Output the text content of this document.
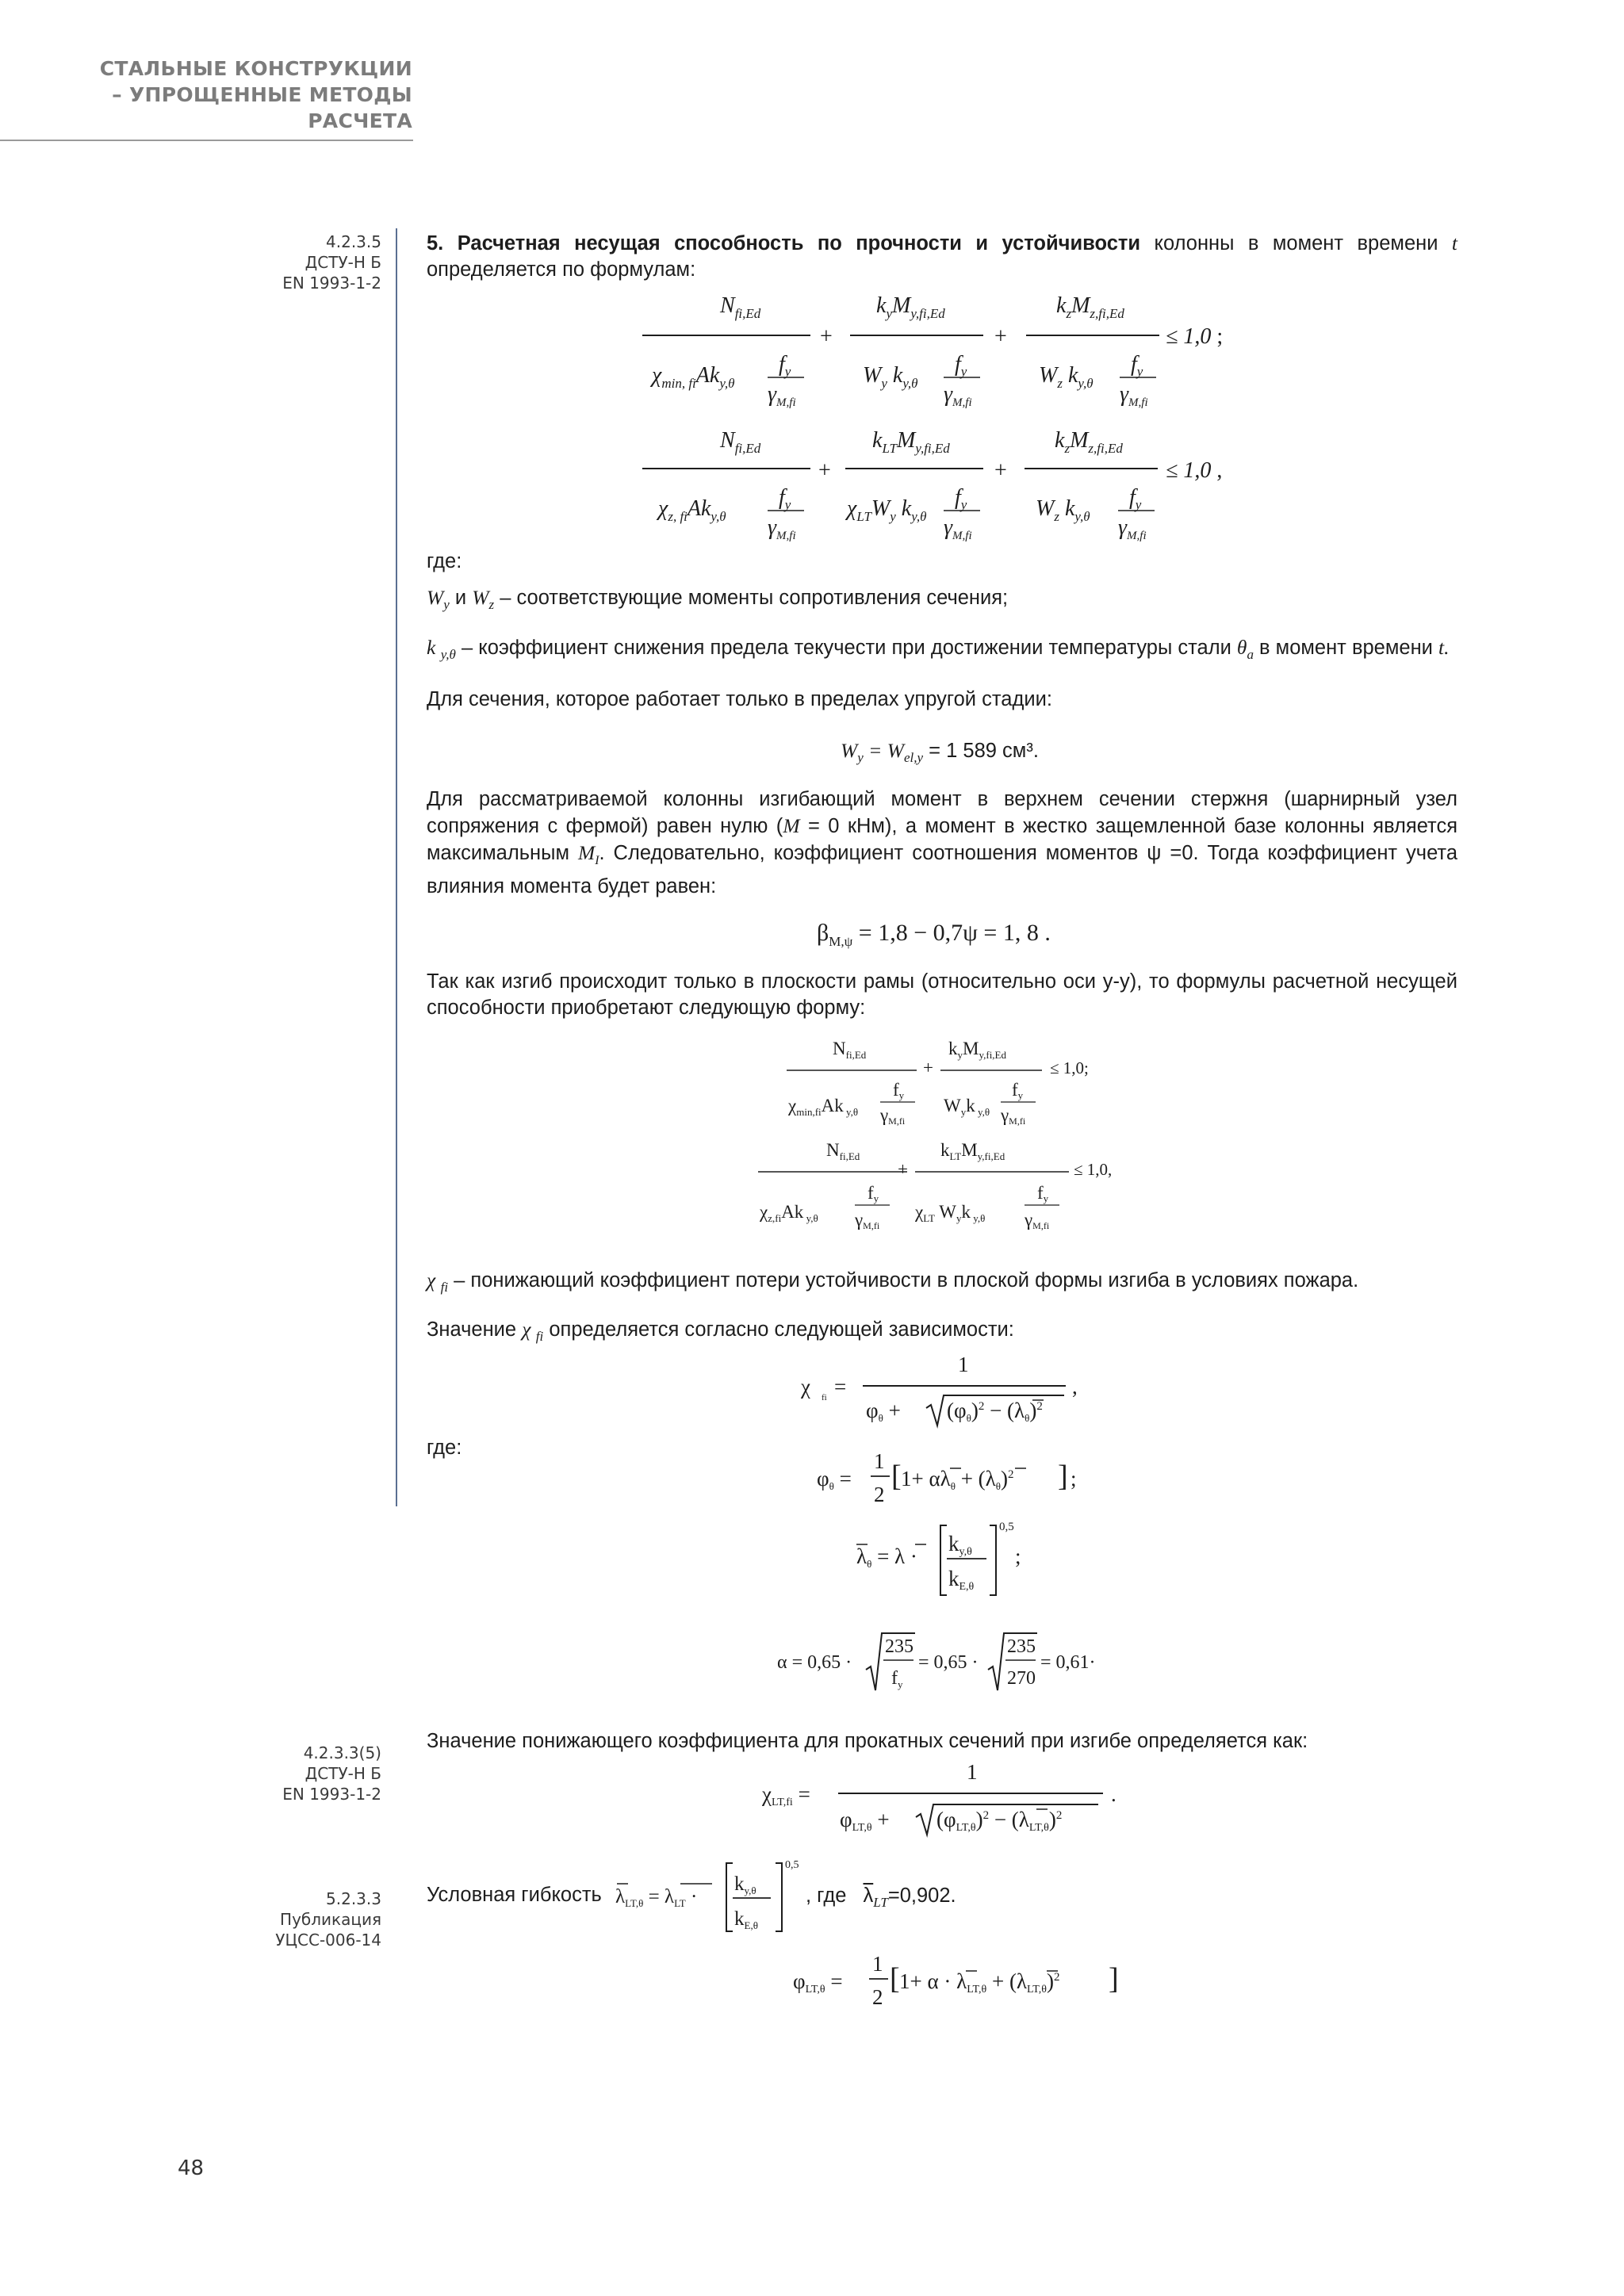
СТАЛЬНЫЕ КОНСТРУКЦИИ
– УПРОЩЕННЫЕ МЕТОДЫ
РАСЧЕТА
4.2.3.5
ДСТУ-Н Б
EN 1993-1-2
4.2.3.3(5)
ДСТУ-Н Б
EN 1993-1-2
5.2.3.3
Публикация
УЦСС-006-14
5. Расчетная несущая способность по прочности и устойчивости колонны в момент времени t определяется по формулам:
$N_{fi,Ed}$
$\chi_{min, fi}Ak_{y,\theta}$
$f_y$
$\gamma_{M,fi}$
+
$k_yM_{y,fi,Ed}$
$W_y$ $k_{y,\theta}$
$f_y$
$\gamma_{M,fi}$
+
$k_zM_{z,fi,Ed}$
$W_z$ $k_{y,\theta}$
$f_y$
$\gamma_{M,fi}$
≤ 1,0 ;
$N_{fi,Ed}$
$\chi_{z, fi}Ak_{y,\theta}$
$f_y$
$\gamma_{M,fi}$
+
$k_{LT}M_{y,fi,Ed}$
$\chi_{LT}W_y$ $k_{y,\theta}$
$f_y$
$\gamma_{M,fi}$
+
$k_zM_{z,fi,Ed}$
$W_z$ $k_{y,\theta}$
$f_y$
$\gamma_{M,fi}$
≤ 1,0 ,
где:
$W_y$ и $W_z$ – соответствующие моменты сопротивления сечения;
k $_{y,\theta}$ – коэффициент снижения предела текучести при достижении температуры стали $\theta_a$ в момент времени t.
Для сечения, которое работает только в пределах упругой стадии:
$W_y = W_{el,y} = 1$ 589 см³.
Для рассматриваемой колонны изгибающий момент в верхнем сечении стержня (шарнирный узел сопряжения с фермой) равен нулю (M = 0 кНм), а момент в жестко защемленной базе колонны является максимальным $M_I$. Следовательно, коэффициент соотношения моментов ψ =0. Тогда коэффициент учета влияния момента будет равен:
$\beta_{M,\psi} = 1,8 - 0,7\psi = 1$, 8 .
Так как изгиб происходит только в плоскости рамы (относительно оси y-y), то формулы расчетной несущей способности приобретают следующую форму:
$N_{fi,Ed}$
$\chi_{min,fi}Ak$ $_{y,\theta}$
fy
γM,fi
+
$k_yM_{y,fi,Ed}$
$W_yk$ $_{y,\theta}$
fy
γM,fi
≤ 1,0;
$N_{fi,Ed}$
$\chi_{z,fi}Ak$ $_{y,\theta}$
fy
γM,fi
+
$k_{LT}M_{y,fi,Ed}$
$\chi_{LT}$ $W_yk$ $_{y,\theta}$
fy
γM,fi
≤ 1,0,
χ $_{fi}$ – понижающий коэффициент потери устойчивости в плоской формы изгиба в условиях пожара.
Значение χ $_{fi}$ определяется согласно следующей зависимости:
χ fi =
1
$\varphi\theta + (\varphi\theta)^2 - (\lambda\theta)^2$
,
где:
φθ =
1
2
[ $1+ \alpha\lambda\theta + (\lambda\theta)^2$ ] ;
λθ = λ ·
ky,θ
kE,θ
0,5
;
α = 0,65 ·
235
$f_y$
= 0,65 ·
235
270
= 0,61·
Значение понижающего коэффициента для прокатных сечений при изгибе определяется как:
χLT,fi =
1
$\varphi LT,\theta + (\varphi LT,\theta)^2 - (\lambda LT,\theta)^2$
.
Условная гибкость $\lambda_{LT,\theta} = \lambda_{LT}$ ·
$k_{y,\theta}$
$k_{E,\theta}$
0,5
, где $\overline{\lambda}_{LT}=0,902$.
φLT,θ =
1
2
[ $1+ \alpha \cdot \lambda LT,\theta + (\lambda LT,\theta)^2$ ]
48
